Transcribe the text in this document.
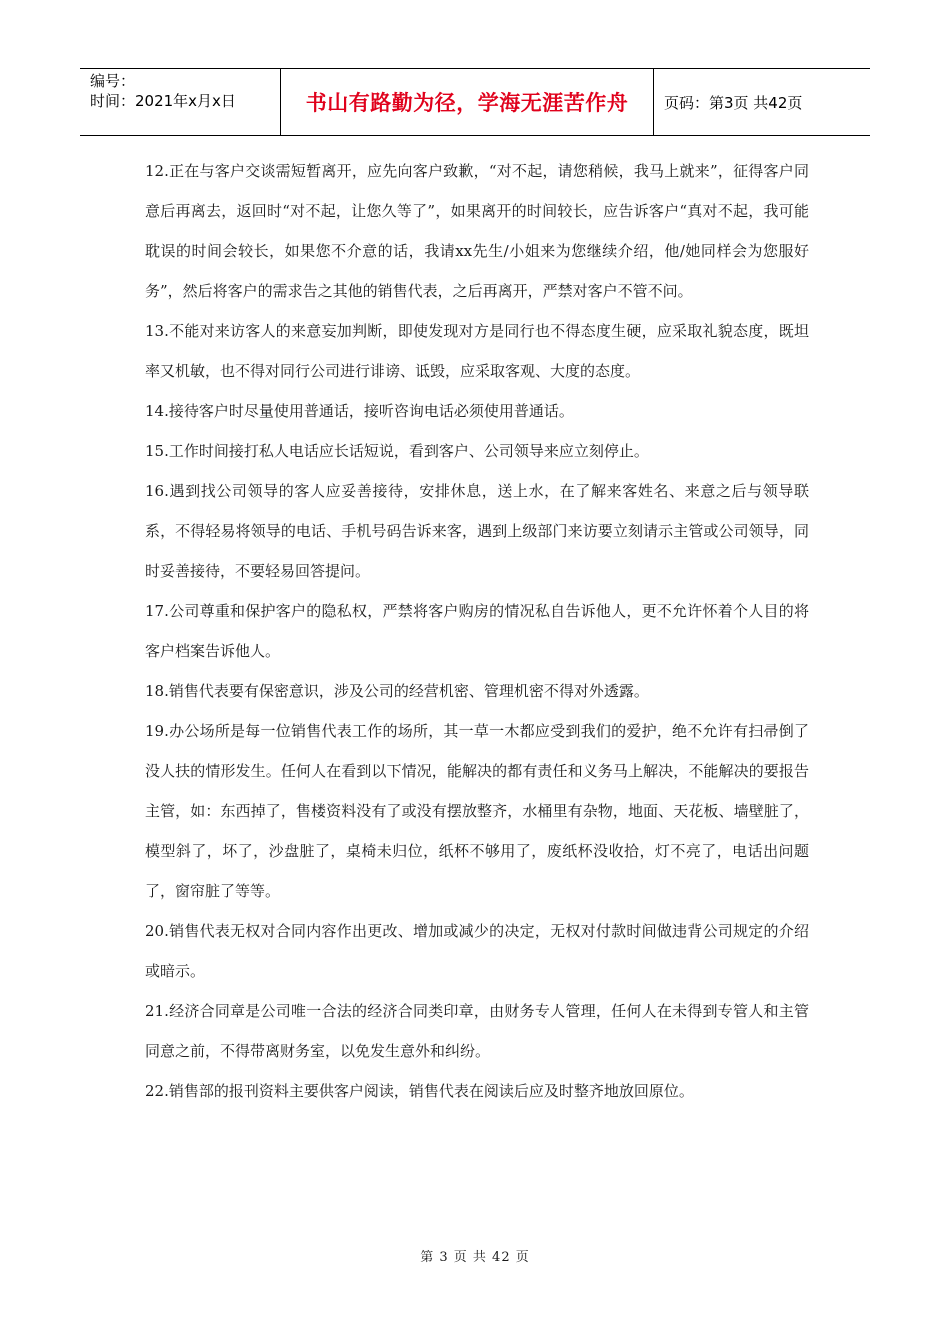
编号：
时间：2021年x月x日	书山有路勤为径，学海无涯苦作舟	页码：第3页 共42页

12.正在与客户交谈需短暂离开，应先向客户致歉，“对不起，请您稍候，我马上就来”，征得客户同意后再离去，返回时“对不起，让您久等了”，如果离开的时间较长，应告诉客户“真对不起，我可能耽误的时间会较长，如果您不介意的话，我请xx先生/小姐来为您继续介绍，他/她同样会为您服好务”，然后将客户的需求告之其他的销售代表，之后再离开，严禁对客户不管不问。

13.不能对来访客人的来意妄加判断，即使发现对方是同行也不得态度生硬，应采取礼貌态度，既坦率又机敏，也不得对同行公司进行诽谤、诋毁，应采取客观、大度的态度。

14.接待客户时尽量使用普通话，接听咨询电话必须使用普通话。

15.工作时间接打私人电话应长话短说，看到客户、公司领导来应立刻停止。

16.遇到找公司领导的客人应妥善接待，安排休息，送上水，在了解来客姓名、来意之后与领导联系，不得轻易将领导的电话、手机号码告诉来客，遇到上级部门来访要立刻请示主管或公司领导，同时妥善接待，不要轻易回答提问。

17.公司尊重和保护客户的隐私权，严禁将客户购房的情况私自告诉他人，更不允许怀着个人目的将客户档案告诉他人。

18.销售代表要有保密意识，涉及公司的经营机密、管理机密不得对外透露。

19.办公场所是每一位销售代表工作的场所，其一草一木都应受到我们的爱护，绝不允许有扫帚倒了没人扶的情形发生。任何人在看到以下情况，能解决的都有责任和义务马上解决，不能解决的要报告主管，如：东西掉了，售楼资料没有了或没有摆放整齐，水桶里有杂物，地面、天花板、墙壁脏了，模型斜了，坏了，沙盘脏了，桌椅未归位，纸杯不够用了，废纸杯没收拾，灯不亮了，电话出问题了，窗帘脏了等等。

20.销售代表无权对合同内容作出更改、增加或减少的决定，无权对付款时间做违背公司规定的介绍或暗示。

21.经济合同章是公司唯一合法的经济合同类印章，由财务专人管理，任何人在未得到专管人和主管同意之前，不得带离财务室，以免发生意外和纠纷。

22.销售部的报刊资料主要供客户阅读，销售代表在阅读后应及时整齐地放回原位。

第 3 页 共 42 页
